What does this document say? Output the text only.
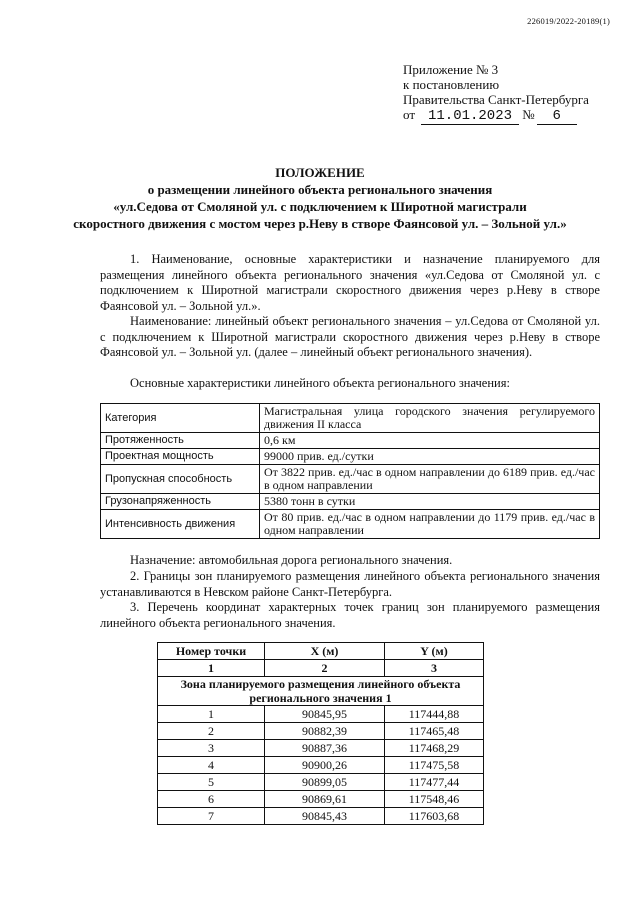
226019/2022-20189(1)
Приложение № 3
к постановлению
Правительства Санкт-Петербурга
от 11.01.2023 № 6
ПОЛОЖЕНИЕ
о размещении линейного объекта регионального значения
«ул.Седова от Смоляной ул. с подключением к Широтной магистрали
скоростного движения с мостом через р.Неву в створе Фаянсовой ул. – Зольной ул.»
1. Наименование, основные характеристики и назначение планируемого для размещения линейного объекта регионального значения «ул.Седова от Смоляной ул. с подключением к Широтной магистрали скоростного движения через р.Неву в створе Фаянсовой ул. – Зольной ул.».
Наименование: линейный объект регионального значения – ул.Седова от Смоляной ул. с подключением к Широтной магистрали скоростного движения через р.Неву в створе Фаянсовой ул. – Зольной ул. (далее – линейный объект регионального значения).
Основные характеристики линейного объекта регионального значения:
Категория	Магистральная улица городского значения регулируемого движения II класса
Протяженность	0,6 км
Проектная мощность	99000 прив. ед./сутки
Пропускная способность	От 3822 прив. ед./час в одном направлении до 6189 прив. ед./час в одном направлении
Грузонапряженность	5380 тонн в сутки
Интенсивность движения	От 80 прив. ед./час в одном направлении до 1179 прив. ед./час в одном направлении
Назначение: автомобильная дорога регионального значения.
2. Границы зон планируемого размещения линейного объекта регионального значения устанавливаются в Невском районе Санкт-Петербурга.
3. Перечень координат характерных точек границ зон планируемого размещения линейного объекта регионального значения.
Номер точки	X (м)	Y (м)
1	2	3
Зона планируемого размещения линейного объекта регионального значения 1		
1	90845,95	117444,88
2	90882,39	117465,48
3	90887,36	117468,29
4	90900,26	117475,58
5	90899,05	117477,44
6	90869,61	117548,46
7	90845,43	117603,68
